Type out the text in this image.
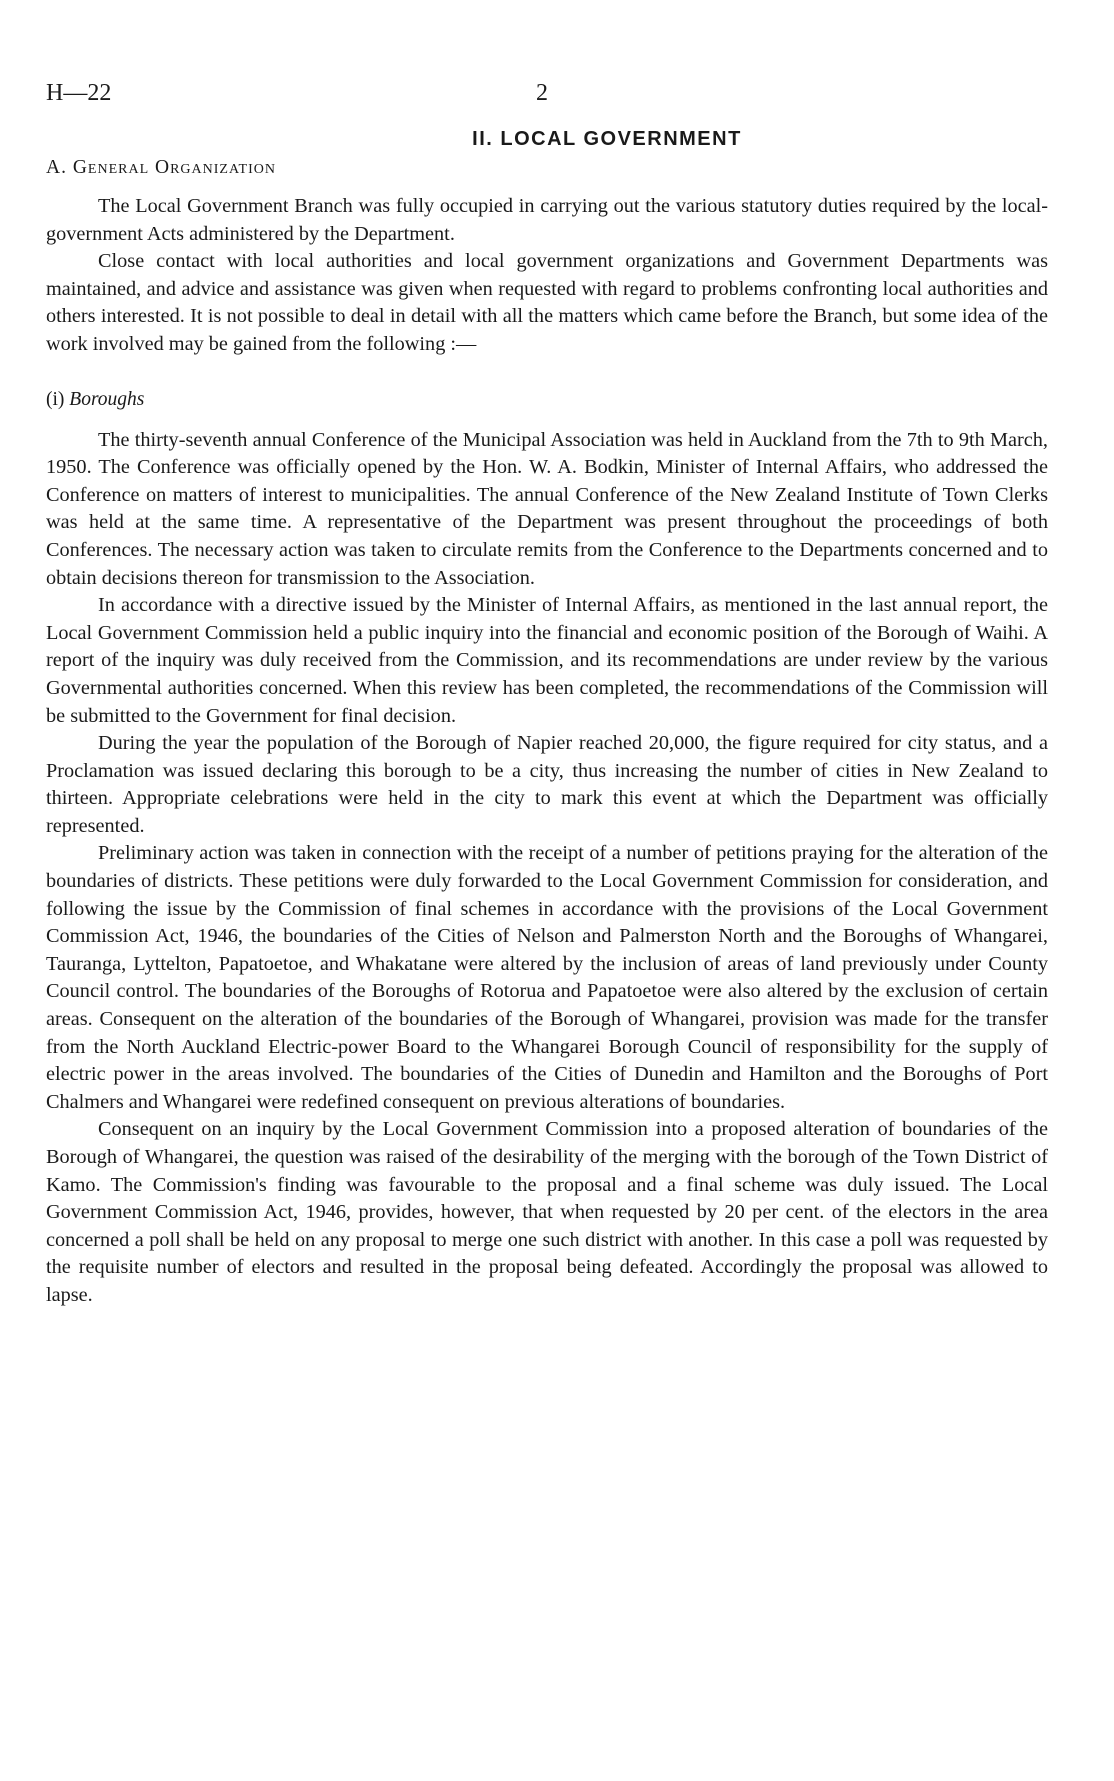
H—22	2
II. LOCAL GOVERNMENT
A. General Organization

The Local Government Branch was fully occupied in carrying out the various statutory duties required by the local-government Acts administered by the Department.

Close contact with local authorities and local government organizations and Government Departments was maintained, and advice and assistance was given when requested with regard to problems confronting local authorities and others interested. It is not possible to deal in detail with all the matters which came before the Branch, but some idea of the work involved may be gained from the following :—

(i) Boroughs

The thirty-seventh annual Conference of the Municipal Association was held in Auckland from the 7th to 9th March, 1950. The Conference was officially opened by the Hon. W. A. Bodkin, Minister of Internal Affairs, who addressed the Conference on matters of interest to municipalities. The annual Conference of the New Zealand Institute of Town Clerks was held at the same time. A representative of the Department was present throughout the proceedings of both Conferences. The necessary action was taken to circulate remits from the Conference to the Departments concerned and to obtain decisions thereon for transmission to the Association.

In accordance with a directive issued by the Minister of Internal Affairs, as mentioned in the last annual report, the Local Government Commission held a public inquiry into the financial and economic position of the Borough of Waihi. A report of the inquiry was duly received from the Commission, and its recommendations are under review by the various Governmental authorities concerned. When this review has been completed, the recommendations of the Commission will be submitted to the Government for final decision.

During the year the population of the Borough of Napier reached 20,000, the figure required for city status, and a Proclamation was issued declaring this borough to be a city, thus increasing the number of cities in New Zealand to thirteen. Appropriate celebrations were held in the city to mark this event at which the Department was officially represented.

Preliminary action was taken in connection with the receipt of a number of petitions praying for the alteration of the boundaries of districts. These petitions were duly forwarded to the Local Government Commission for consideration, and following the issue by the Commission of final schemes in accordance with the provisions of the Local Government Commission Act, 1946, the boundaries of the Cities of Nelson and Palmerston North and the Boroughs of Whangarei, Tauranga, Lyttelton, Papatoetoe, and Whakatane were altered by the inclusion of areas of land previously under County Council control. The boundaries of the Boroughs of Rotorua and Papatoetoe were also altered by the exclusion of certain areas. Consequent on the alteration of the boundaries of the Borough of Whangarei, provision was made for the transfer from the North Auckland Electric-power Board to the Whangarei Borough Council of responsibility for the supply of electric power in the areas involved. The boundaries of the Cities of Dunedin and Hamilton and the Boroughs of Port Chalmers and Whangarei were redefined consequent on previous alterations of boundaries.

Consequent on an inquiry by the Local Government Commission into a proposed alteration of boundaries of the Borough of Whangarei, the question was raised of the desirability of the merging with the borough of the Town District of Kamo. The Commission's finding was favourable to the proposal and a final scheme was duly issued. The Local Government Commission Act, 1946, provides, however, that when requested by 20 per cent. of the electors in the area concerned a poll shall be held on any proposal to merge one such district with another. In this case a poll was requested by the requisite number of electors and resulted in the proposal being defeated. Accordingly the proposal was allowed to lapse.
